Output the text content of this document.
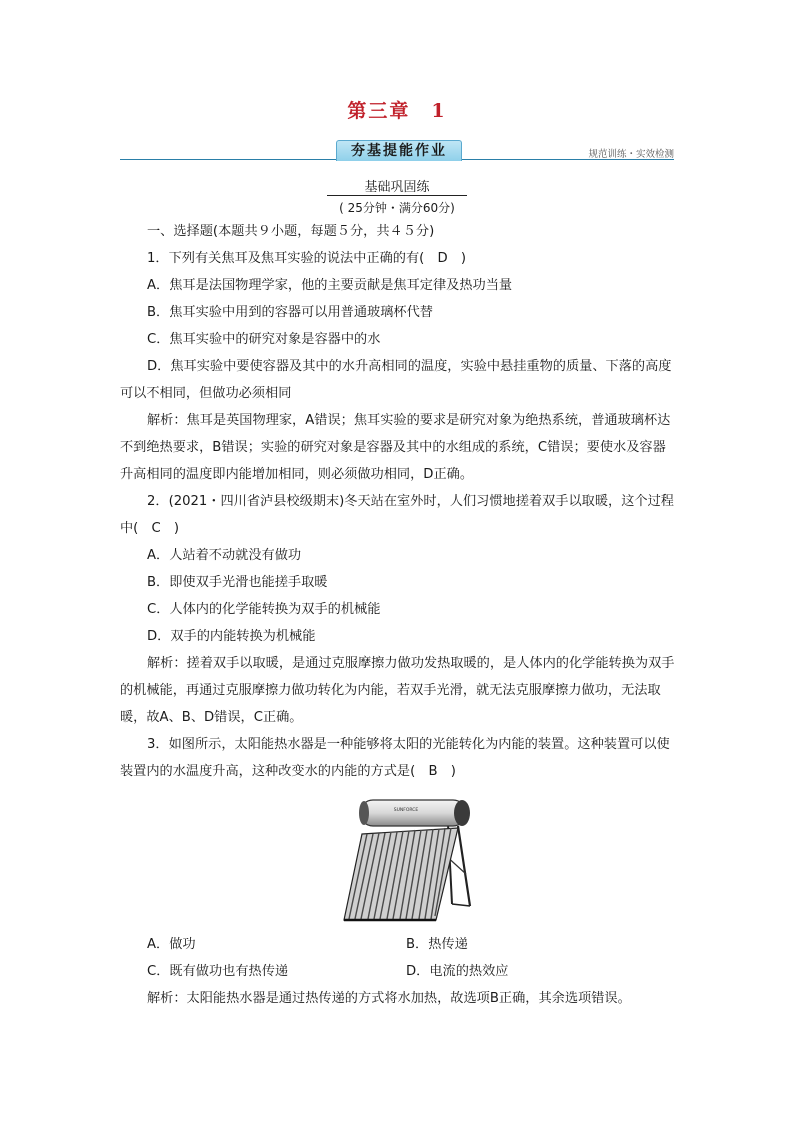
第三章　1
夯基提能作业	规范训练・实效检测
基础巩固练
( 25分钟・满分60分)

一、选择题(本题共９小题，每题５分，共４５分)

1．下列有关焦耳及焦耳实验的说法中正确的有(　D　)

A．焦耳是法国物理学家，他的主要贡献是焦耳定律及热功当量

B．焦耳实验中用到的容器可以用普通玻璃杯代替

C．焦耳实验中的研究对象是容器中的水

D．焦耳实验中要使容器及其中的水升高相同的温度，实验中悬挂重物的质量、下落的高度可以不相同，但做功必须相同

解析：焦耳是英国物理家，A错误；焦耳实验的要求是研究对象为绝热系统，普通玻璃杯达不到绝热要求，B错误；实验的研究对象是容器及其中的水组成的系统，C错误；要使水及容器升高相同的温度即内能增加相同，则必须做功相同，D正确。

2．(2021・四川省泸县校级期末)冬天站在室外时，人们习惯地搓着双手以取暖，这个过程中(　C　)

A．人站着不动就没有做功

B．即使双手光滑也能搓手取暖

C．人体内的化学能转换为双手的机械能

D．双手的内能转换为机械能

解析：搓着双手以取暖，是通过克服摩擦力做功发热取暖的，是人体内的化学能转换为双手的机械能，再通过克服摩擦力做功转化为内能，若双手光滑，就无法克服摩擦力做功，无法取暖，故A、B、D错误，C正确。

3．如图所示，太阳能热水器是一种能够将太阳的光能转化为内能的装置。这种装置可以使装置内的水温度升高，这种改变水的内能的方式是(　B　)

SUNFORCE

A．做功	B．热传递

C．既有做功也有热传递	D．电流的热效应

解析：太阳能热水器是通过热传递的方式将水加热，故选项B正确，其余选项错误。
